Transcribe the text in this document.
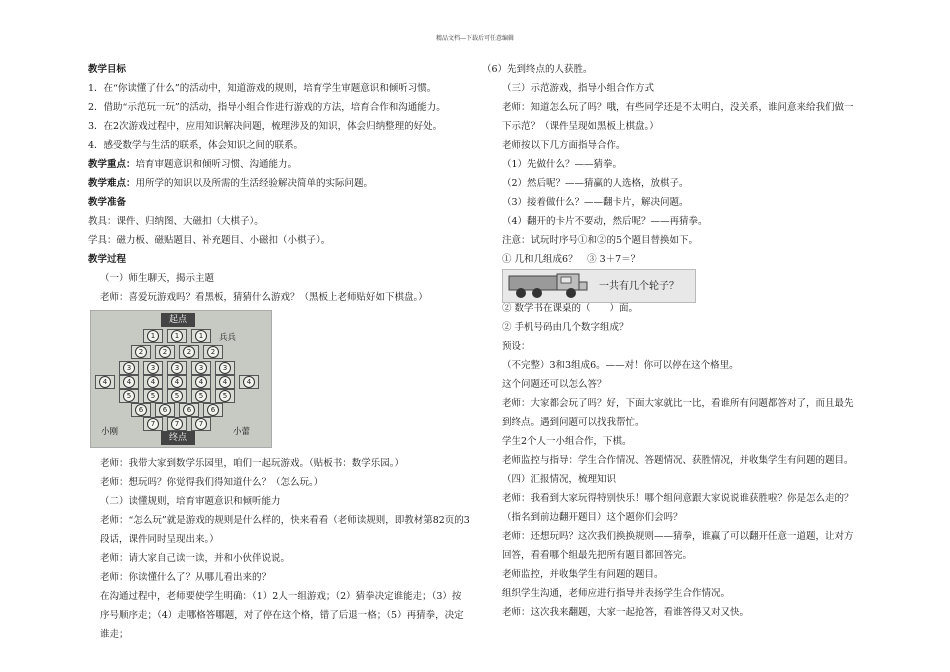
精品文档---下载后可任意编辑
教学目标
1．在“你读懂了什么”的活动中，知道游戏的规则，培育学生审题意识和倾听习惯。
2．借助“示范玩一玩”的活动，指导小组合作进行游戏的方法，培育合作和沟通能力。
3．在2次游戏过程中，应用知识解决问题，梳理涉及的知识，体会归纳整理的好处。
4．感受数学与生活的联系，体会知识之间的联系。
教学重点：培育审题意识和倾听习惯、沟通能力。
教学难点：用所学的知识以及所需的生活经验解决简单的实际问题。
教学准备
教具：课件、归纳图、大磁扣（大棋子）。
学具：磁力板、磁贴题目、补充题目、小磁扣（小棋子）。
教学过程
（一）师生聊天，揭示主题
老师：喜爱玩游戏吗？看黑板，猜猜什么游戏？（黑板上老师贴好如下棋盘。）
起点
兵兵
小刚	小蕾
终点
1	1	1
2	2	2	2
3	3	3	3	3
4	4	4	4	4	4	4
5	5	5	5	5
6	6	6	6
7	7	7
老师：我带大家到数学乐园里，咱们一起玩游戏。（贴板书：数学乐园。）
老师：想玩吗？你觉得我们得知道什么？（怎么玩。）
（二）读懂规则，培育审题意识和倾听能力
老师：“怎么玩”就是游戏的规则是什么样的，快来看看（老师读规则，即教材第82页的3段话，课件同时呈现出来。）
老师：请大家自己读一读，并和小伙伴说说。
老师：你读懂什么了？从哪儿看出来的？
在沟通过程中，老师要使学生明确：（1）2人一组游戏；（2）猜拳决定谁能走；（3）按序号顺序走；（4）走哪格答哪题，对了停在这个格，错了后退一格；（5）再猜拳，决定谁走；
（6）先到终点的人获胜。
（三）示范游戏，指导小组合作方式
老师：知道怎么玩了吗？哦，有些同学还是不太明白，没关系，谁问意来给我们做一下示范？（课件呈现如黑板上棋盘。）
老师按以下几方面指导合作。
（1）先做什么？——猜拳。
（2）然后呢？——猜赢的人选格，放棋子。
（3）接着做什么？——翻卡片，解决问题。
（4）翻开的卡片不要动，然后呢？——再猜拳。
注意：试玩时序号①和②的5个题目替换如下。
① 几和几组成6？　③ 3＋7＝？
一共有几个轮子？
② 数学书在课桌的（　　）面。
② 手机号码由几个数字组成？
预设：
（不完整）3和3组成6。——对！你可以停在这个格里。
这个问题还可以怎么答？
老师：大家都会玩了吗？好，下面大家就比一比，看谁所有问题都答对了，而且最先到终点。遇到问题可以找我帮忙。
学生2个人一小组合作，下棋。
老师监控与指导：学生合作情况、答题情况、获胜情况，并收集学生有问题的题目。
（四）汇报情况，梳理知识
老师：我看到大家玩得特别快乐！哪个组问意跟大家说说谁获胜啦？你是怎么走的？（指名到前边翻开题目）这个题你们会吗？
老师：还想玩吗？这次我们换换规则——猜拳，谁赢了可以翻开任意一道题，让对方回答，看看哪个组最先把所有题目都回答完。
老师监控，并收集学生有问题的题目。
组织学生沟通，老师应进行指导并表扬学生合作情况。
老师：这次我来翻题，大家一起抢答，看谁答得又对又快。
